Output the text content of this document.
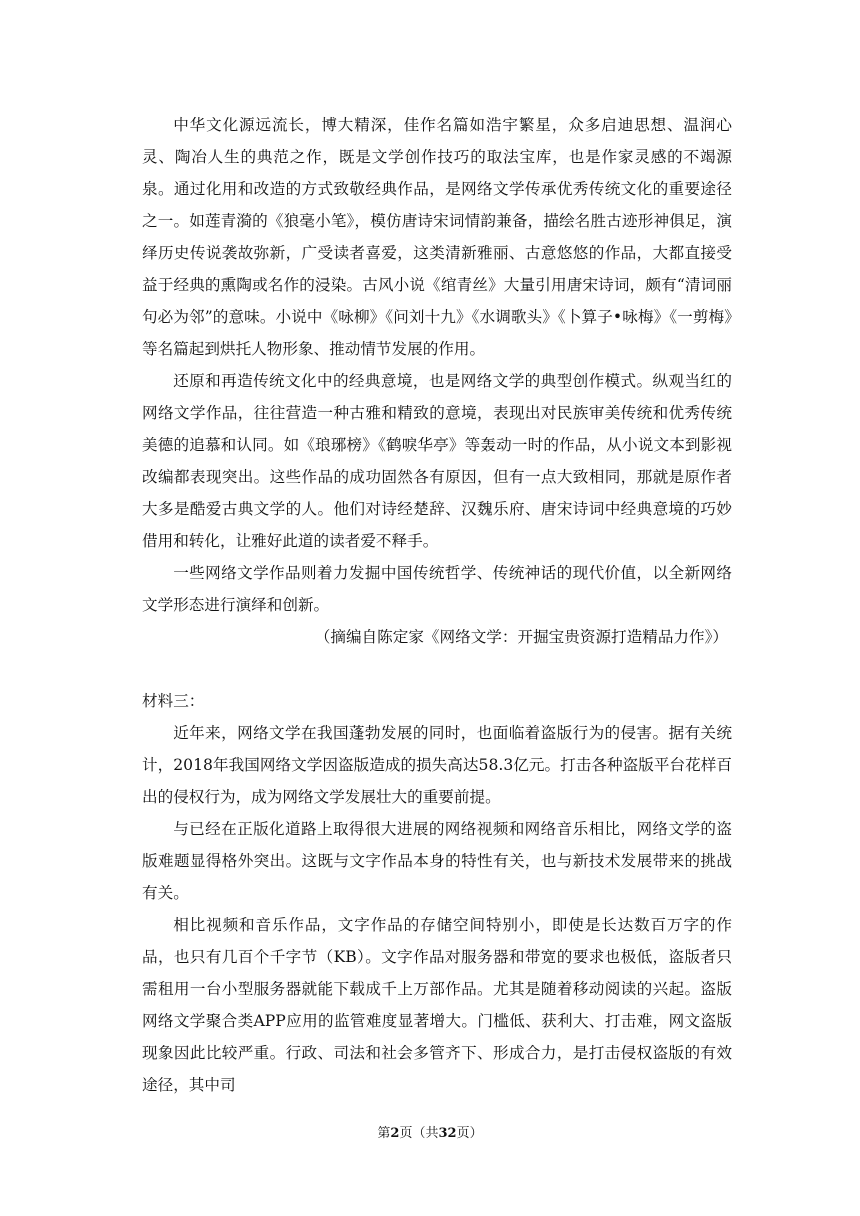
中华文化源远流长，博大精深，佳作名篇如浩宇繁星，众多启迪思想、温润心灵、陶冶人生的典范之作，既是文学创作技巧的取法宝库，也是作家灵感的不竭源泉。通过化用和改造的方式致敬经典作品，是网络文学传承优秀传统文化的重要途径之一。如莲青漪的《狼毫小笔》，模仿唐诗宋词情韵兼备，描绘名胜古迹形神俱足，演绎历史传说袭故弥新，广受读者喜爱，这类清新雅丽、古意悠悠的作品，大都直接受益于经典的熏陶或名作的浸染。古风小说《绾青丝》大量引用唐宋诗词，颇有“清词丽句必为邻”的意味。小说中《咏柳》《问刘十九》《水调歌头》《卜算子•咏梅》《一剪梅》等名篇起到烘托人物形象、推动情节发展的作用。

还原和再造传统文化中的经典意境，也是网络文学的典型创作模式。纵观当红的网络文学作品，往往营造一种古雅和精致的意境，表现出对民族审美传统和优秀传统美德的追慕和认同。如《琅琊榜》《鹤唳华亭》等轰动一时的作品，从小说文本到影视改编都表现突出。这些作品的成功固然各有原因，但有一点大致相同，那就是原作者大多是酷爱古典文学的人。他们对诗经楚辞、汉魏乐府、唐宋诗词中经典意境的巧妙借用和转化，让雅好此道的读者爱不释手。

一些网络文学作品则着力发掘中国传统哲学、传统神话的现代价值，以全新网络文学形态进行演绎和创新。

（摘编自陈定家《网络文学：开掘宝贵资源打造精品力作》）

材料三：

近年来，网络文学在我国蓬勃发展的同时，也面临着盗版行为的侵害。据有关统计，2018年我国网络文学因盗版造成的损失高达58.3亿元。打击各种盗版平台花样百出的侵权行为，成为网络文学发展壮大的重要前提。

与已经在正版化道路上取得很大进展的网络视频和网络音乐相比，网络文学的盗版难题显得格外突出。这既与文字作品本身的特性有关，也与新技术发展带来的挑战有关。

相比视频和音乐作品，文字作品的存储空间特别小，即使是长达数百万字的作品，也只有几百个千字节（KB）。文字作品对服务器和带宽的要求也极低，盗版者只需租用一台小型服务器就能下载成千上万部作品。尤其是随着移动阅读的兴起。盗版网络文学聚合类APP应用的监管难度显著增大。门槛低、获利大、打击难，网文盗版现象因此比较严重。行政、司法和社会多管齐下、形成合力，是打击侵权盗版的有效途径，其中司

第2页（共32页）
